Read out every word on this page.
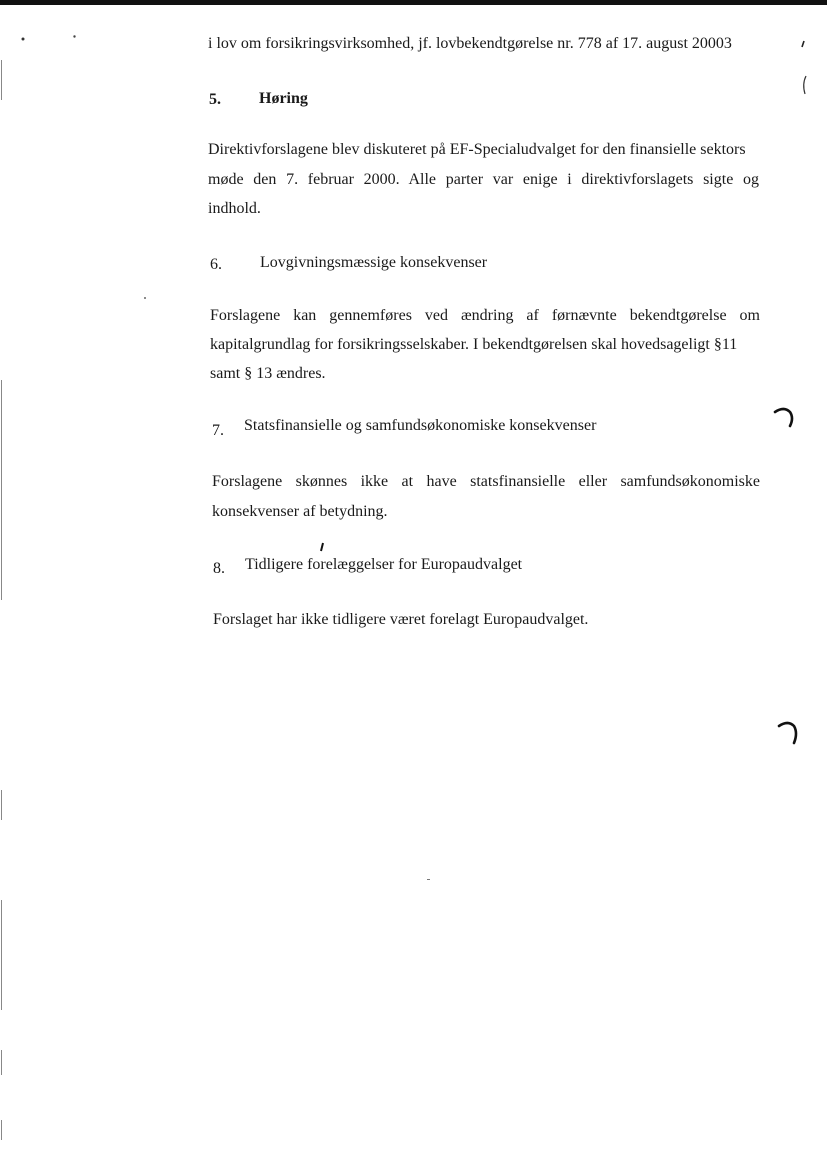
i lov om forsikringsvirksomhed, jf. lovbekendtgørelse nr. 778 af 17. august 20003
5. Høring
Direktivforslagene blev diskuteret på EF-Specialudvalget for den finansielle sektors
møde den 7. februar 2000. Alle parter var enige i direktivforslagets sigte og
indhold.
6. Lovgivningsmæssige konsekvenser
Forslagene kan gennemføres ved ændring af førnævnte bekendtgørelse om
kapitalgrundlag for forsikringsselskaber. I bekendtgørelsen skal hovedsageligt §11
samt § 13 ændres.
7. Statsfinansielle og samfundsøkonomiske konsekvenser
Forslagene skønnes ikke at have statsfinansielle eller samfundsøkonomiske
konsekvenser af betydning.
8. Tidligere forelæggelser for Europaudvalget
Forslaget har ikke tidligere været forelagt Europaudvalget.
